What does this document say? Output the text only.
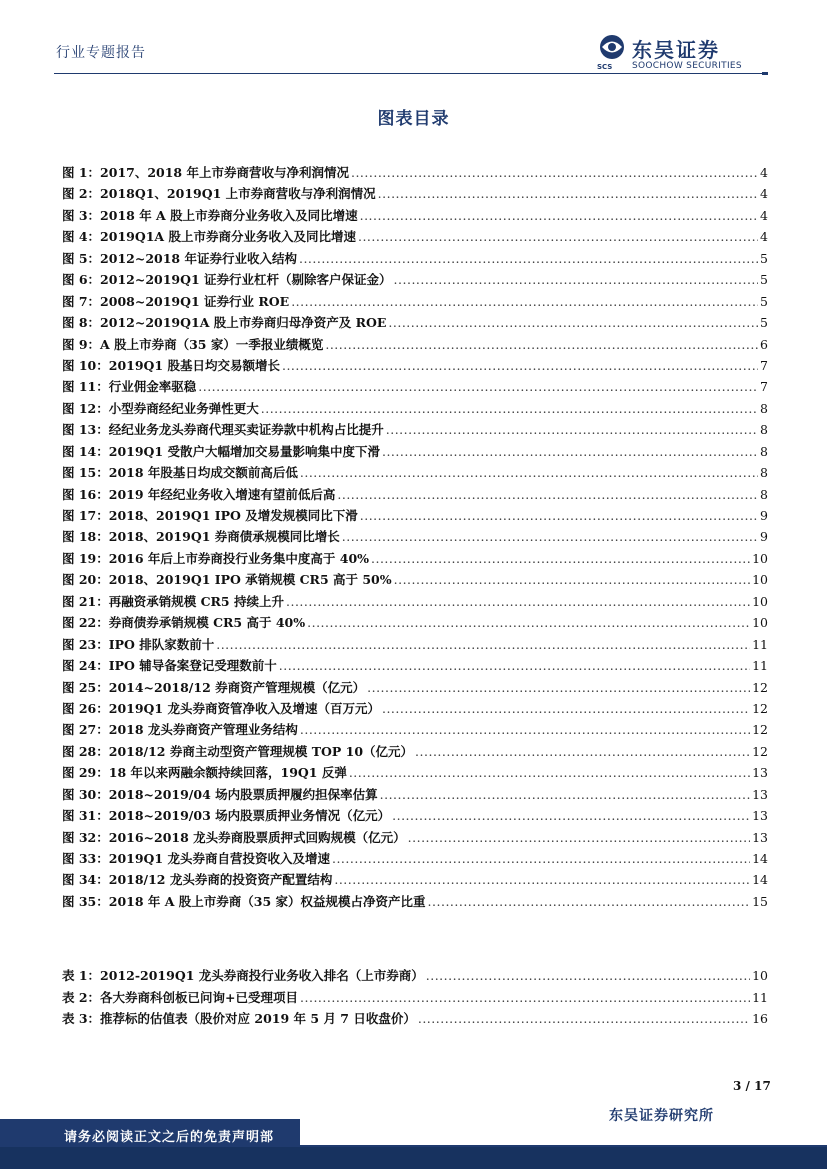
行业专题报告
SCS
东吴证券
SOOCHOW SECURITIES
图表目录
图 1：2017、2018 年上市券商营收与净利润情况 .....	4
图 2：2018Q1、2019Q1 上市券商营收与净利润情况 .....	4
图 3：2018 年 A 股上市券商分业务收入及同比增速 .....	4
图 4：2019Q1A 股上市券商分业务收入及同比增速 .....	4
图 5：2012~2018 年证券行业收入结构 .....	5
图 6：2012~2019Q1 证券行业杠杆（剔除客户保证金） .....	5
图 7：2008~2019Q1 证券行业 ROE .....	5
图 8：2012~2019Q1A 股上市券商归母净资产及 ROE .....	5
图 9：A 股上市券商（35 家）一季报业绩概览 .....	6
图 10：2019Q1 股基日均交易额增长 .....	7
图 11：行业佣金率驱稳 .....	7
图 12：小型券商经纪业务弹性更大 .....	8
图 13：经纪业务龙头券商代理买卖证券款中机构占比提升 .....	8
图 14：2019Q1 受散户大幅增加交易量影响集中度下滑 .....	8
图 15：2018 年股基日均成交额前高后低 .....	8
图 16：2019 年经纪业务收入增速有望前低后高 .....	8
图 17：2018、2019Q1 IPO 及增发规模同比下滑 .....	9
图 18：2018、2019Q1 券商债承规模同比增长 .....	9
图 19：2016 年后上市券商投行业务集中度高于 40% .....	10
图 20：2018、2019Q1 IPO 承销规模 CR5 高于 50% .....	10
图 21：再融资承销规模 CR5 持续上升 .....	10
图 22：券商债券承销规模 CR5 高于 40% .....	10
图 23：IPO 排队家数前十 .....	11
图 24：IPO 辅导备案登记受理数前十 .....	11
图 25：2014~2018/12 券商资产管理规模（亿元） .....	12
图 26：2019Q1 龙头券商资管净收入及增速（百万元） .....	12
图 27：2018 龙头券商资产管理业务结构 .....	12
图 28：2018/12 券商主动型资产管理规模 TOP 10（亿元） .....	12
图 29：18 年以来两融余额持续回落，19Q1 反弹 .....	13
图 30：2018~2019/04 场内股票质押履约担保率估算 .....	13
图 31：2018~2019/03 场内股票质押业务情况（亿元） .....	13
图 32：2016~2018 龙头券商股票质押式回购规模（亿元） .....	13
图 33：2019Q1 龙头券商自营投资收入及增速 .....	14
图 34：2018/12 龙头券商的投资资产配置结构 .....	14
图 35：2018 年 A 股上市券商（35 家）权益规模占净资产比重 .....	15
表 1：2012-2019Q1 龙头券商投行业务收入排名（上市券商） .....	10
表 2：各大券商科创板已问询+已受理项目 .....	11
表 3：推荐标的估值表（股价对应 2019 年 5 月 7 日收盘价） .....	16
3 / 17
东吴证券研究所
请务必阅读正文之后的免责声明部
